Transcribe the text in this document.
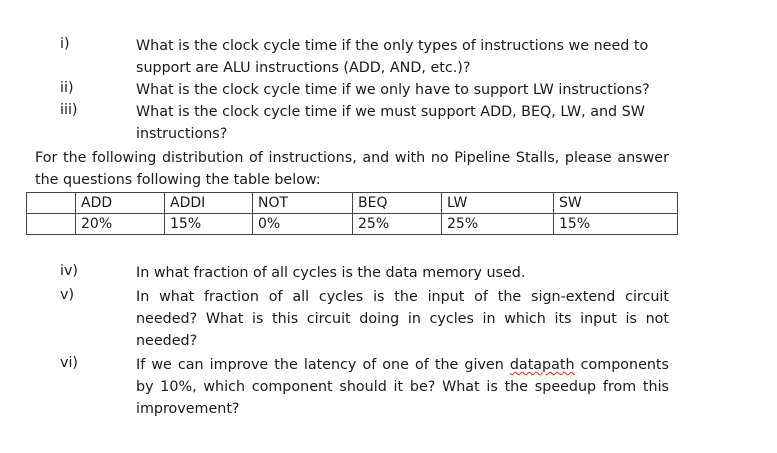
i)	What is the clock cycle time if the only types of instructions we need to support are ALU instructions (ADD, AND, etc.)?
ii)	What is the clock cycle time if we only have to support LW instructions?
iii)	What is the clock cycle time if we must support ADD, BEQ, LW, and SW instructions?
For the following distribution of instructions, and with no Pipeline Stalls, please answer the questions following the table below:
	ADD	ADDI	NOT	BEQ	LW	SW
	20%	15%	0%	25%	25%	15%
iv)	In what fraction of all cycles is the data memory used.
v)	In what fraction of all cycles is the input of the sign-extend circuit needed? What is this circuit doing in cycles in which its input is not needed?
vi)	If we can improve the latency of one of the given datapath components by 10%, which component should it be? What is the speedup from this improvement?
